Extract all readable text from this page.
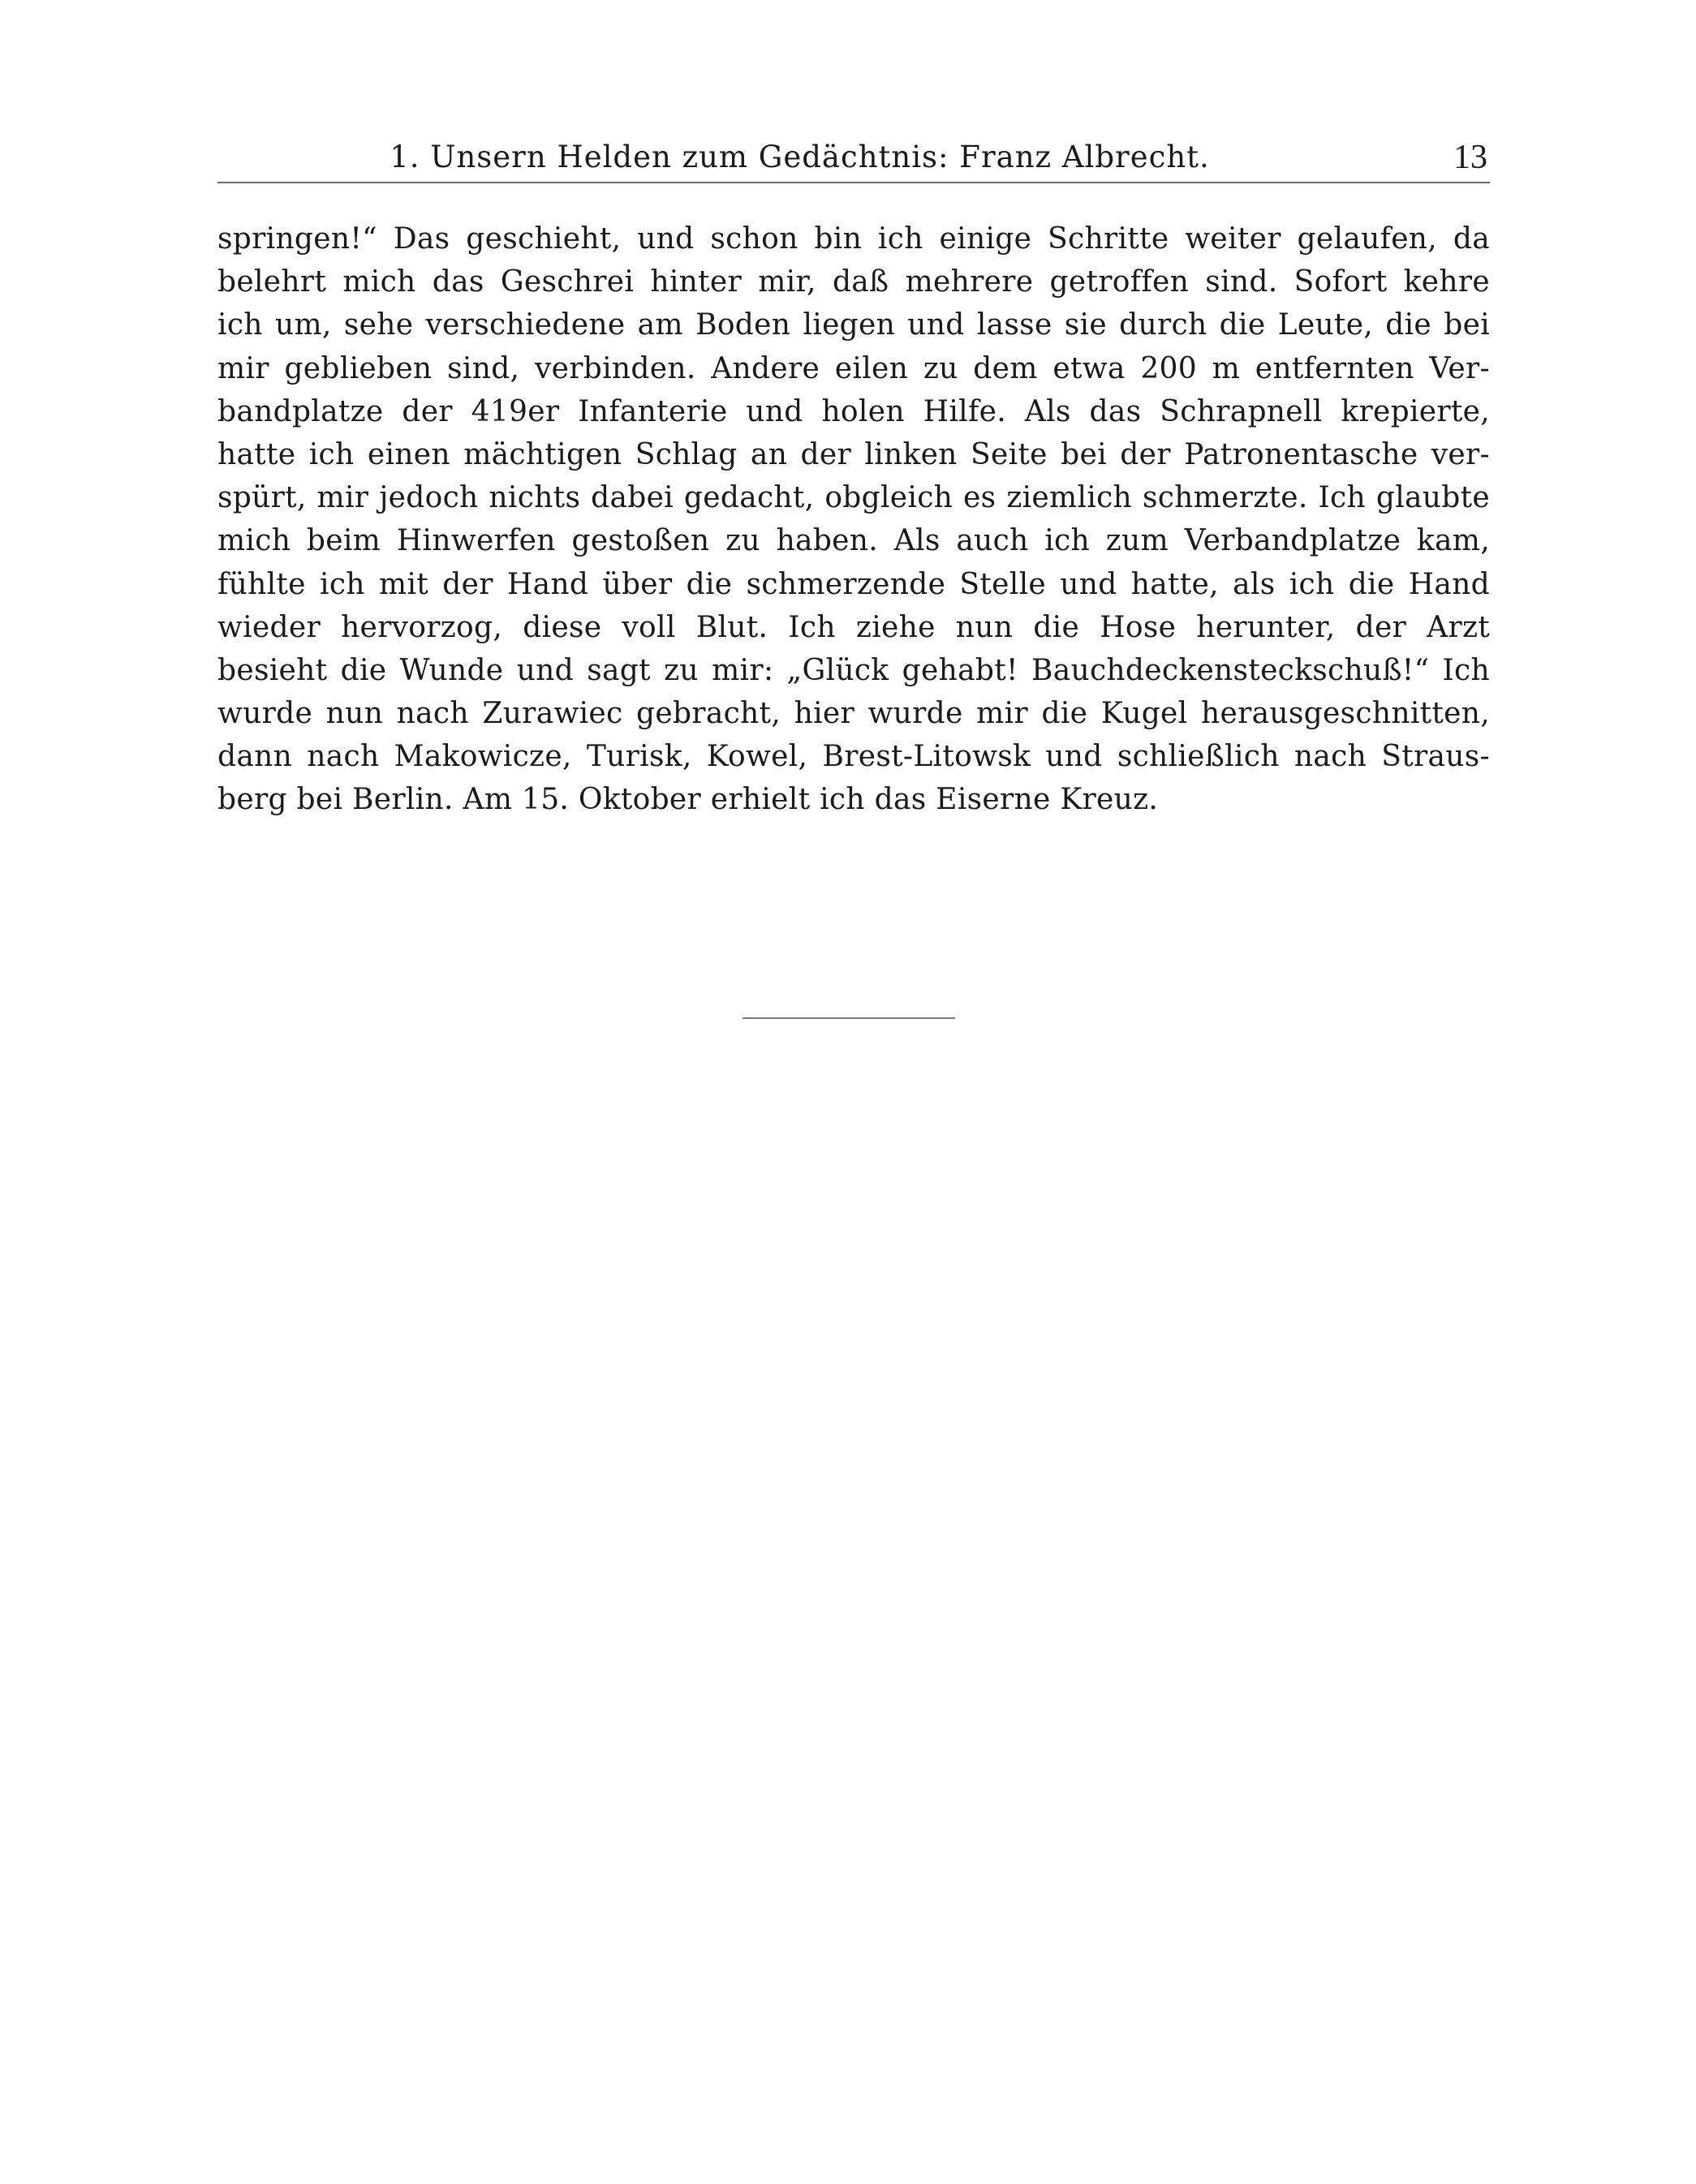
1. Unsern Helden zum Gedächtnis: Franz Albrecht.	13
springen!“ Das geschieht, und schon bin ich einige Schritte weiter gelaufen, da
belehrt mich das Geschrei hinter mir, daß mehrere getroffen sind. Sofort kehre
ich um, sehe verschiedene am Boden liegen und lasse sie durch die Leute, die bei
mir geblieben sind, verbinden. Andere eilen zu dem etwa 200 m entfernten Ver-
bandplatze der 419er Infanterie und holen Hilfe. Als das Schrapnell krepierte,
hatte ich einen mächtigen Schlag an der linken Seite bei der Patronentasche ver-
spürt, mir jedoch nichts dabei gedacht, obgleich es ziemlich schmerzte. Ich glaubte
mich beim Hinwerfen gestoßen zu haben. Als auch ich zum Verbandplatze kam,
fühlte ich mit der Hand über die schmerzende Stelle und hatte, als ich die Hand
wieder hervorzog, diese voll Blut. Ich ziehe nun die Hose herunter, der Arzt
besieht die Wunde und sagt zu mir: „Glück gehabt! Bauchdeckensteckschuß!“ Ich
wurde nun nach Zurawiec gebracht, hier wurde mir die Kugel herausgeschnitten,
dann nach Makowicze, Turisk, Kowel, Brest-Litowsk und schließlich nach Straus-
berg bei Berlin. Am 15. Oktober erhielt ich das Eiserne Kreuz.
